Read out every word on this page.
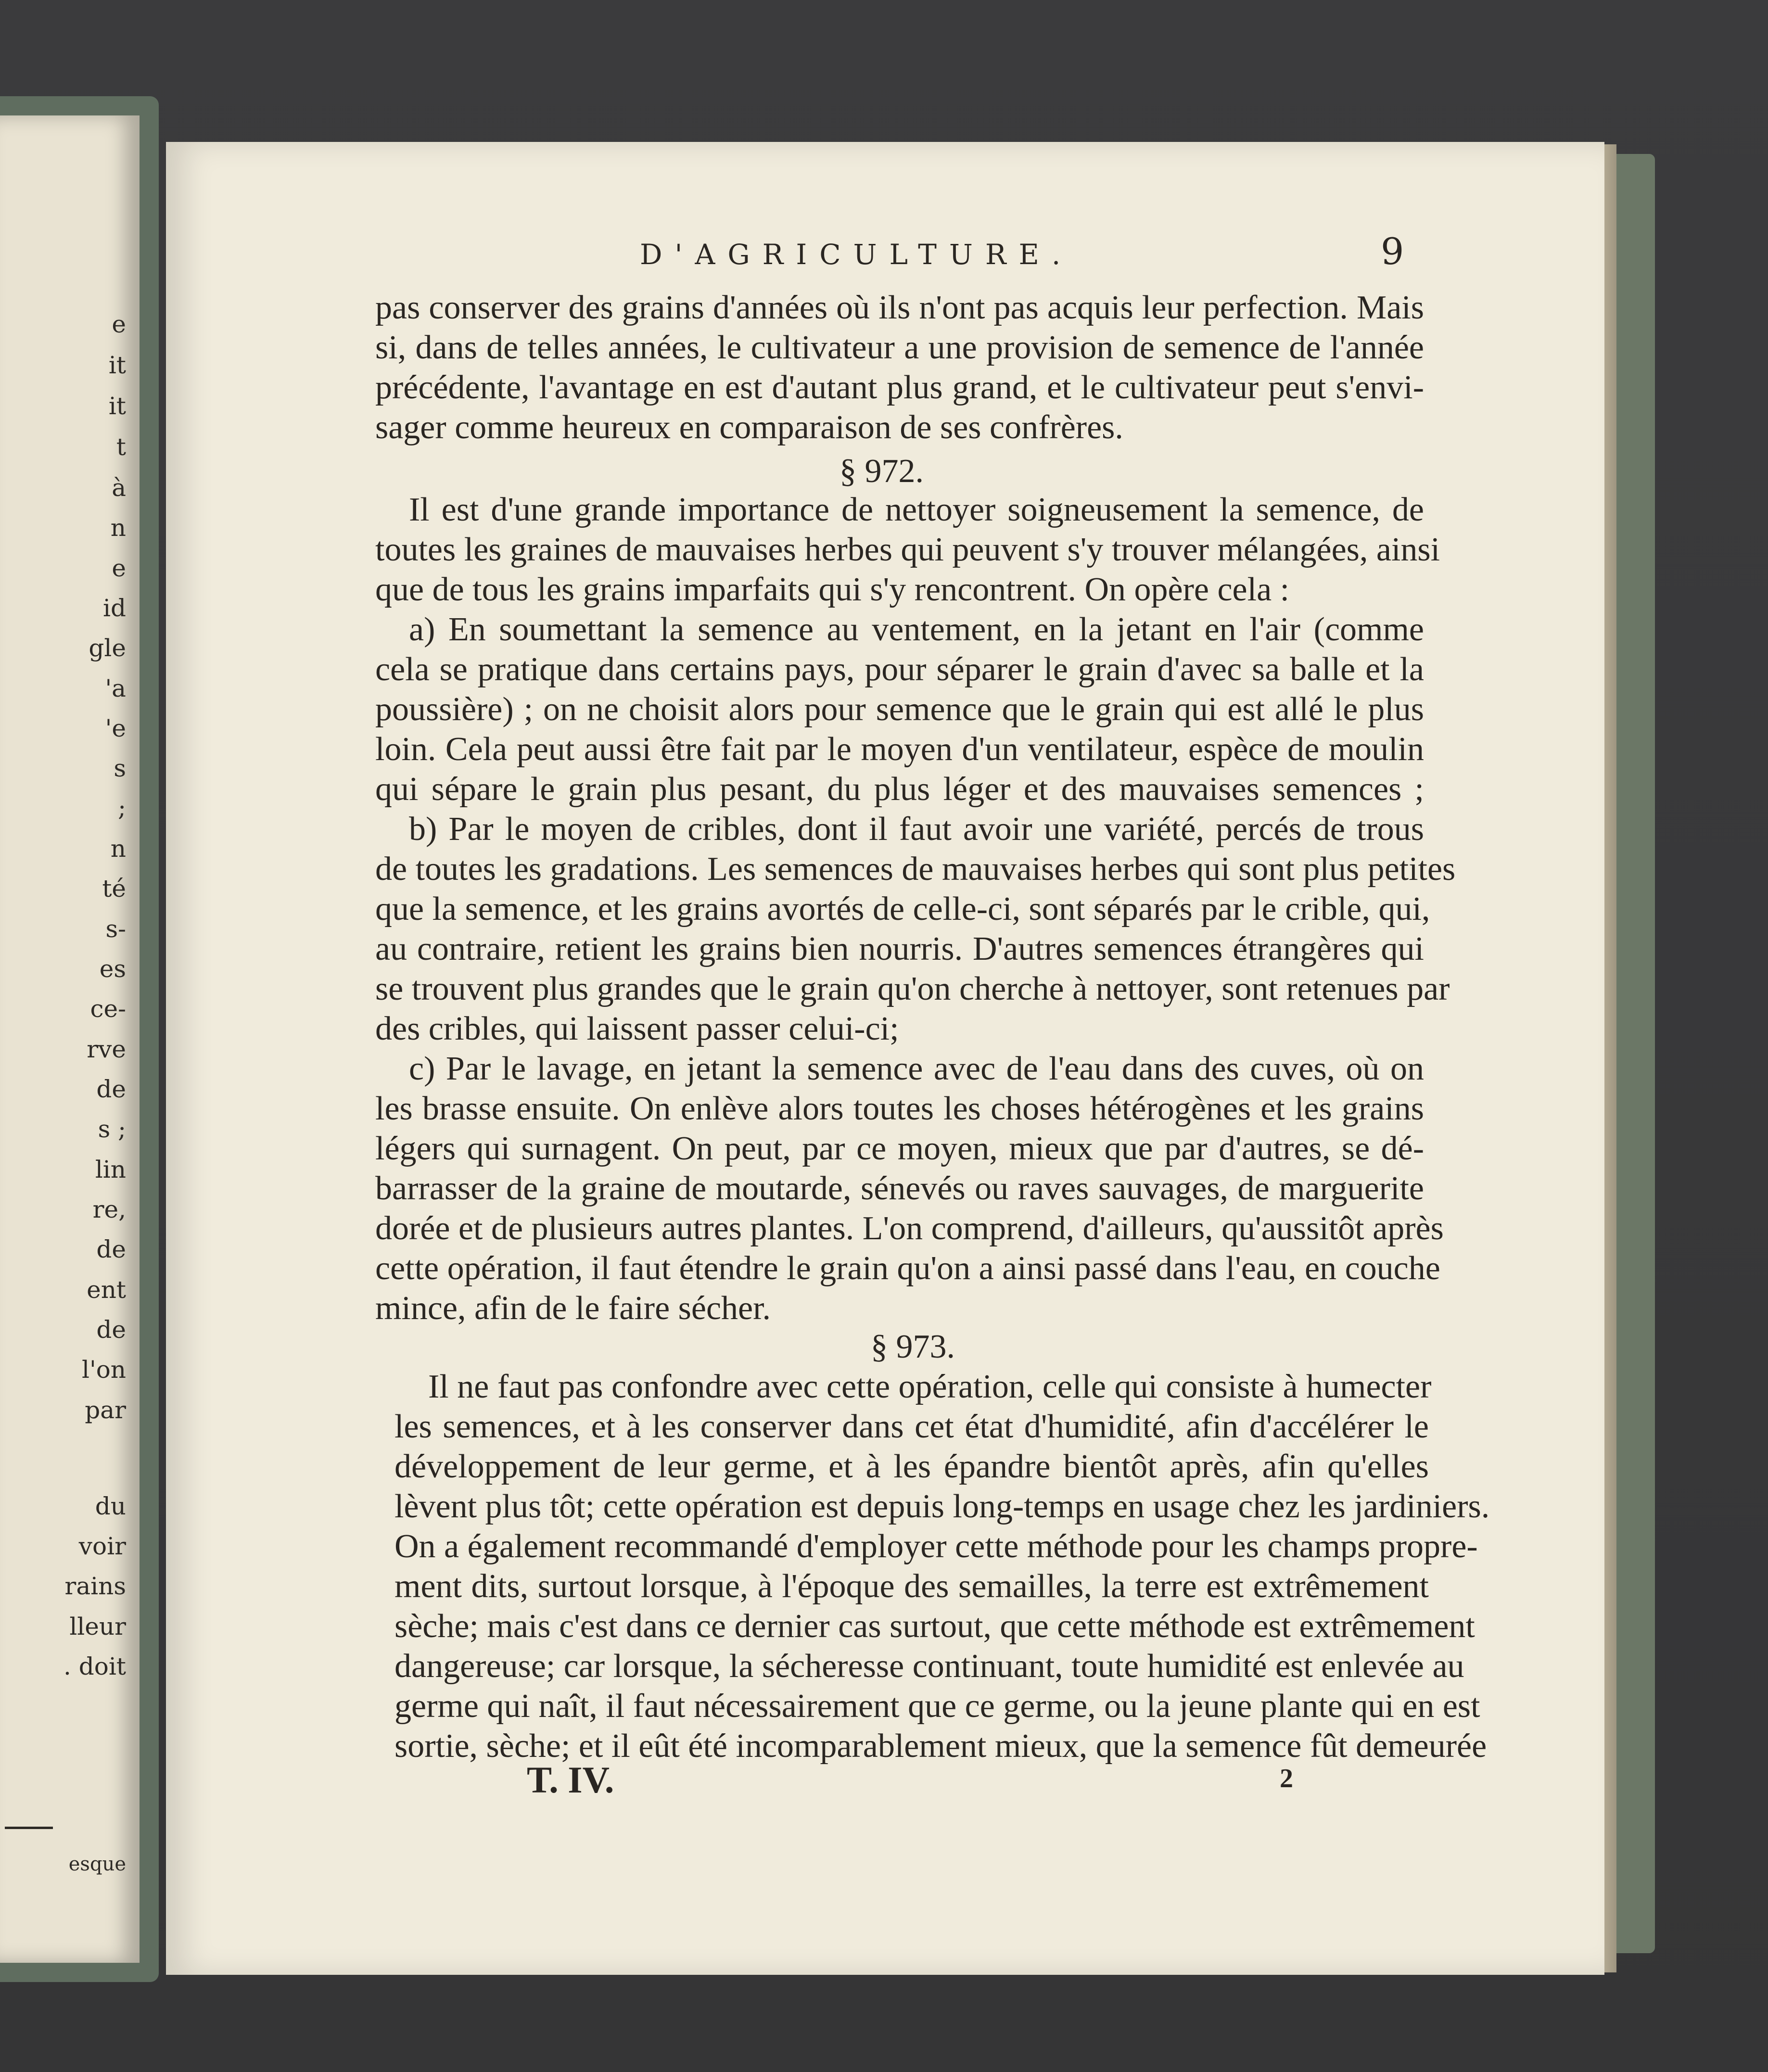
e
it
it
t
à
n
e
id
gle
'a
'e
s
;
n
té
s-
es
ce-
rve
de
s ;
lin
re,
de
ent
de
l'on
par
du
voir
rains
lleur
. doit
esque
D'AGRICULTURE.	9
pas conserver des grains d'années où ils n'ont pas acquis leur perfection. Mais
si, dans de telles années, le cultivateur a une provision de semence de l'année
précédente, l'avantage en est d'autant plus grand, et le cultivateur peut s'envi-
sager comme heureux en comparaison de ses confrères.
§ 972.
Il est d'une grande importance de nettoyer soigneusement la semence, de
toutes les graines de mauvaises herbes qui peuvent s'y trouver mélangées, ainsi
que de tous les grains imparfaits qui s'y rencontrent. On opère cela :
a) En soumettant la semence au ventement, en la jetant en l'air (comme
cela se pratique dans certains pays, pour séparer le grain d'avec sa balle et la
poussière) ; on ne choisit alors pour semence que le grain qui est allé le plus
loin. Cela peut aussi être fait par le moyen d'un ventilateur, espèce de moulin
qui sépare le grain plus pesant, du plus léger et des mauvaises semences ;
b) Par le moyen de cribles, dont il faut avoir une variété, percés de trous
de toutes les gradations. Les semences de mauvaises herbes qui sont plus petites
que la semence, et les grains avortés de celle-ci, sont séparés par le crible, qui,
au contraire, retient les grains bien nourris. D'autres semences étrangères qui
se trouvent plus grandes que le grain qu'on cherche à nettoyer, sont retenues par
des cribles, qui laissent passer celui-ci;
c) Par le lavage, en jetant la semence avec de l'eau dans des cuves, où on
les brasse ensuite. On enlève alors toutes les choses hétérogènes et les grains
légers qui surnagent. On peut, par ce moyen, mieux que par d'autres, se dé-
barrasser de la graine de moutarde, sénevés ou raves sauvages, de marguerite
dorée et de plusieurs autres plantes. L'on comprend, d'ailleurs, qu'aussitôt après
cette opération, il faut étendre le grain qu'on a ainsi passé dans l'eau, en couche
mince, afin de le faire sécher.
§ 973.
Il ne faut pas confondre avec cette opération, celle qui consiste à humecter
les semences, et à les conserver dans cet état d'humidité, afin d'accélérer le
développement de leur germe, et à les épandre bientôt après, afin qu'elles
lèvent plus tôt; cette opération est depuis long-temps en usage chez les jardiniers.
On a également recommandé d'employer cette méthode pour les champs propre-
ment dits, surtout lorsque, à l'époque des semailles, la terre est extrêmement
sèche; mais c'est dans ce dernier cas surtout, que cette méthode est extrêmement
dangereuse; car lorsque, la sécheresse continuant, toute humidité est enlevée au
germe qui naît, il faut nécessairement que ce germe, ou la jeune plante qui en est
sortie, sèche; et il eût été incomparablement mieux, que la semence fût demeurée
T. IV.	2
